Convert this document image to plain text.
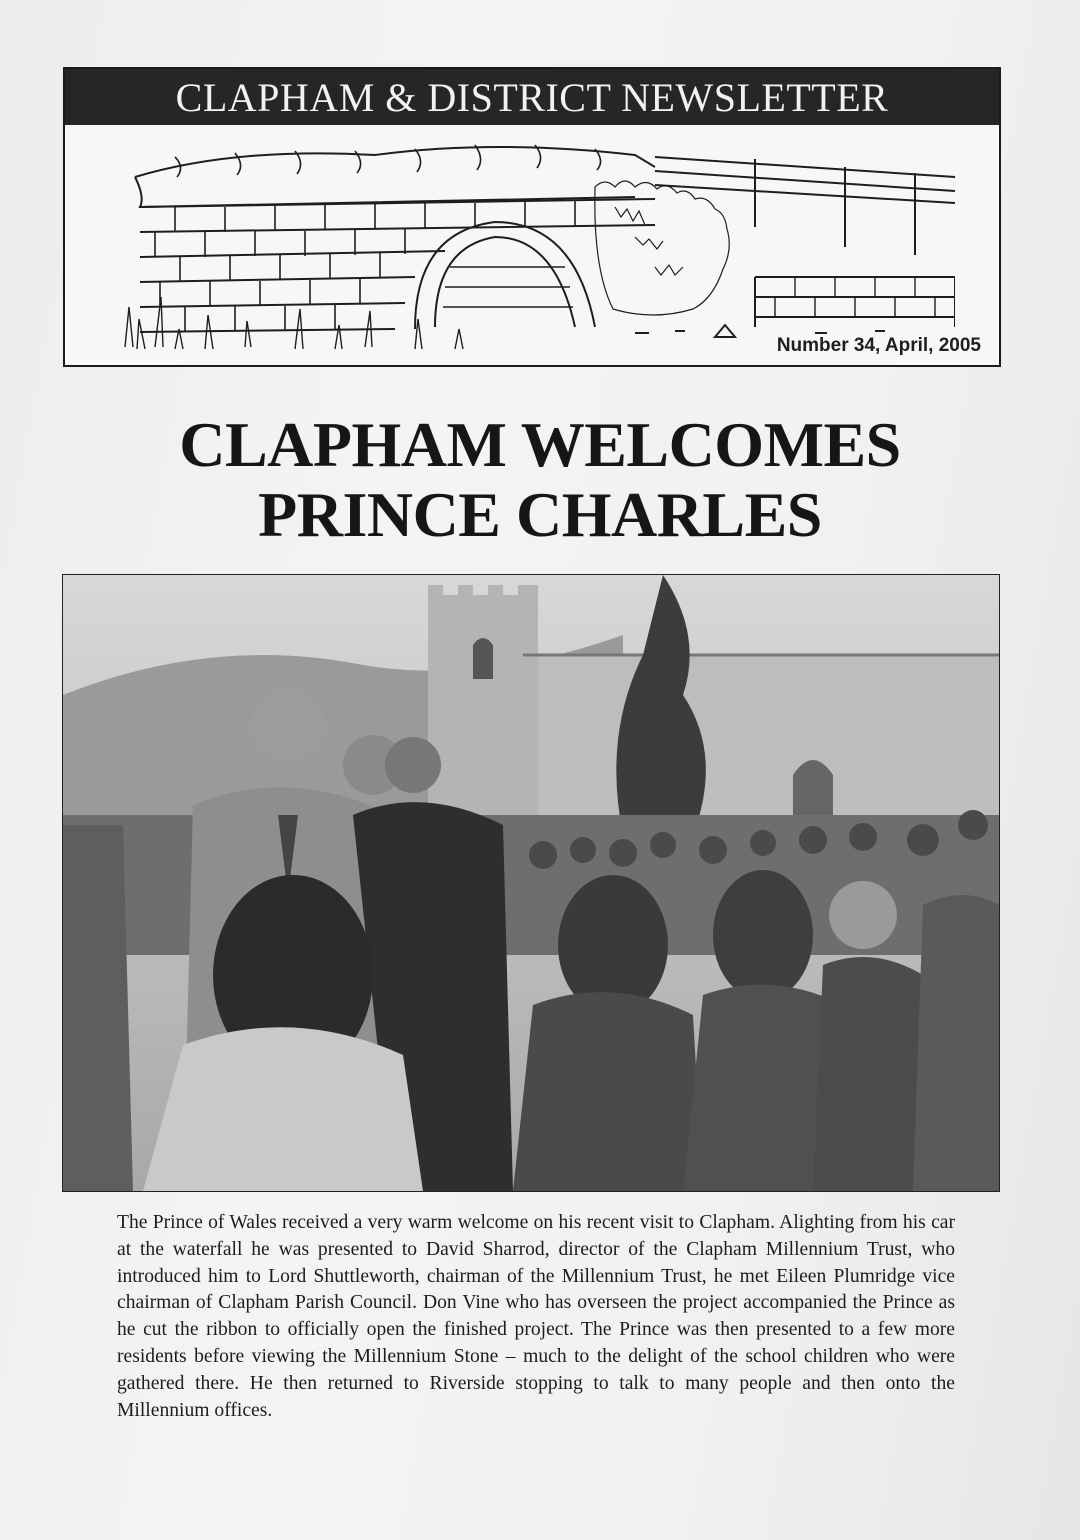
CLAPHAM & DISTRICT NEWSLETTER
Number 34, April, 2005
CLAPHAM WELCOMES
PRINCE CHARLES

The Prince of Wales received a very warm welcome on his recent visit to Clapham. Alighting from his car at the waterfall he was presented to David Sharrod, director of the Clapham Millennium Trust, who introduced him to Lord Shuttleworth, chairman of the Millennium Trust, he met Eileen Plumridge vice chairman of Clapham Parish Council. Don Vine who has overseen the project accompanied the Prince as he cut the ribbon to officially open the finished project. The Prince was then presented to a few more residents before viewing the Millennium Stone – much to the delight of the school children who were gathered there. He then returned to Riverside stopping to talk to many people and then onto the Millennium offices.
